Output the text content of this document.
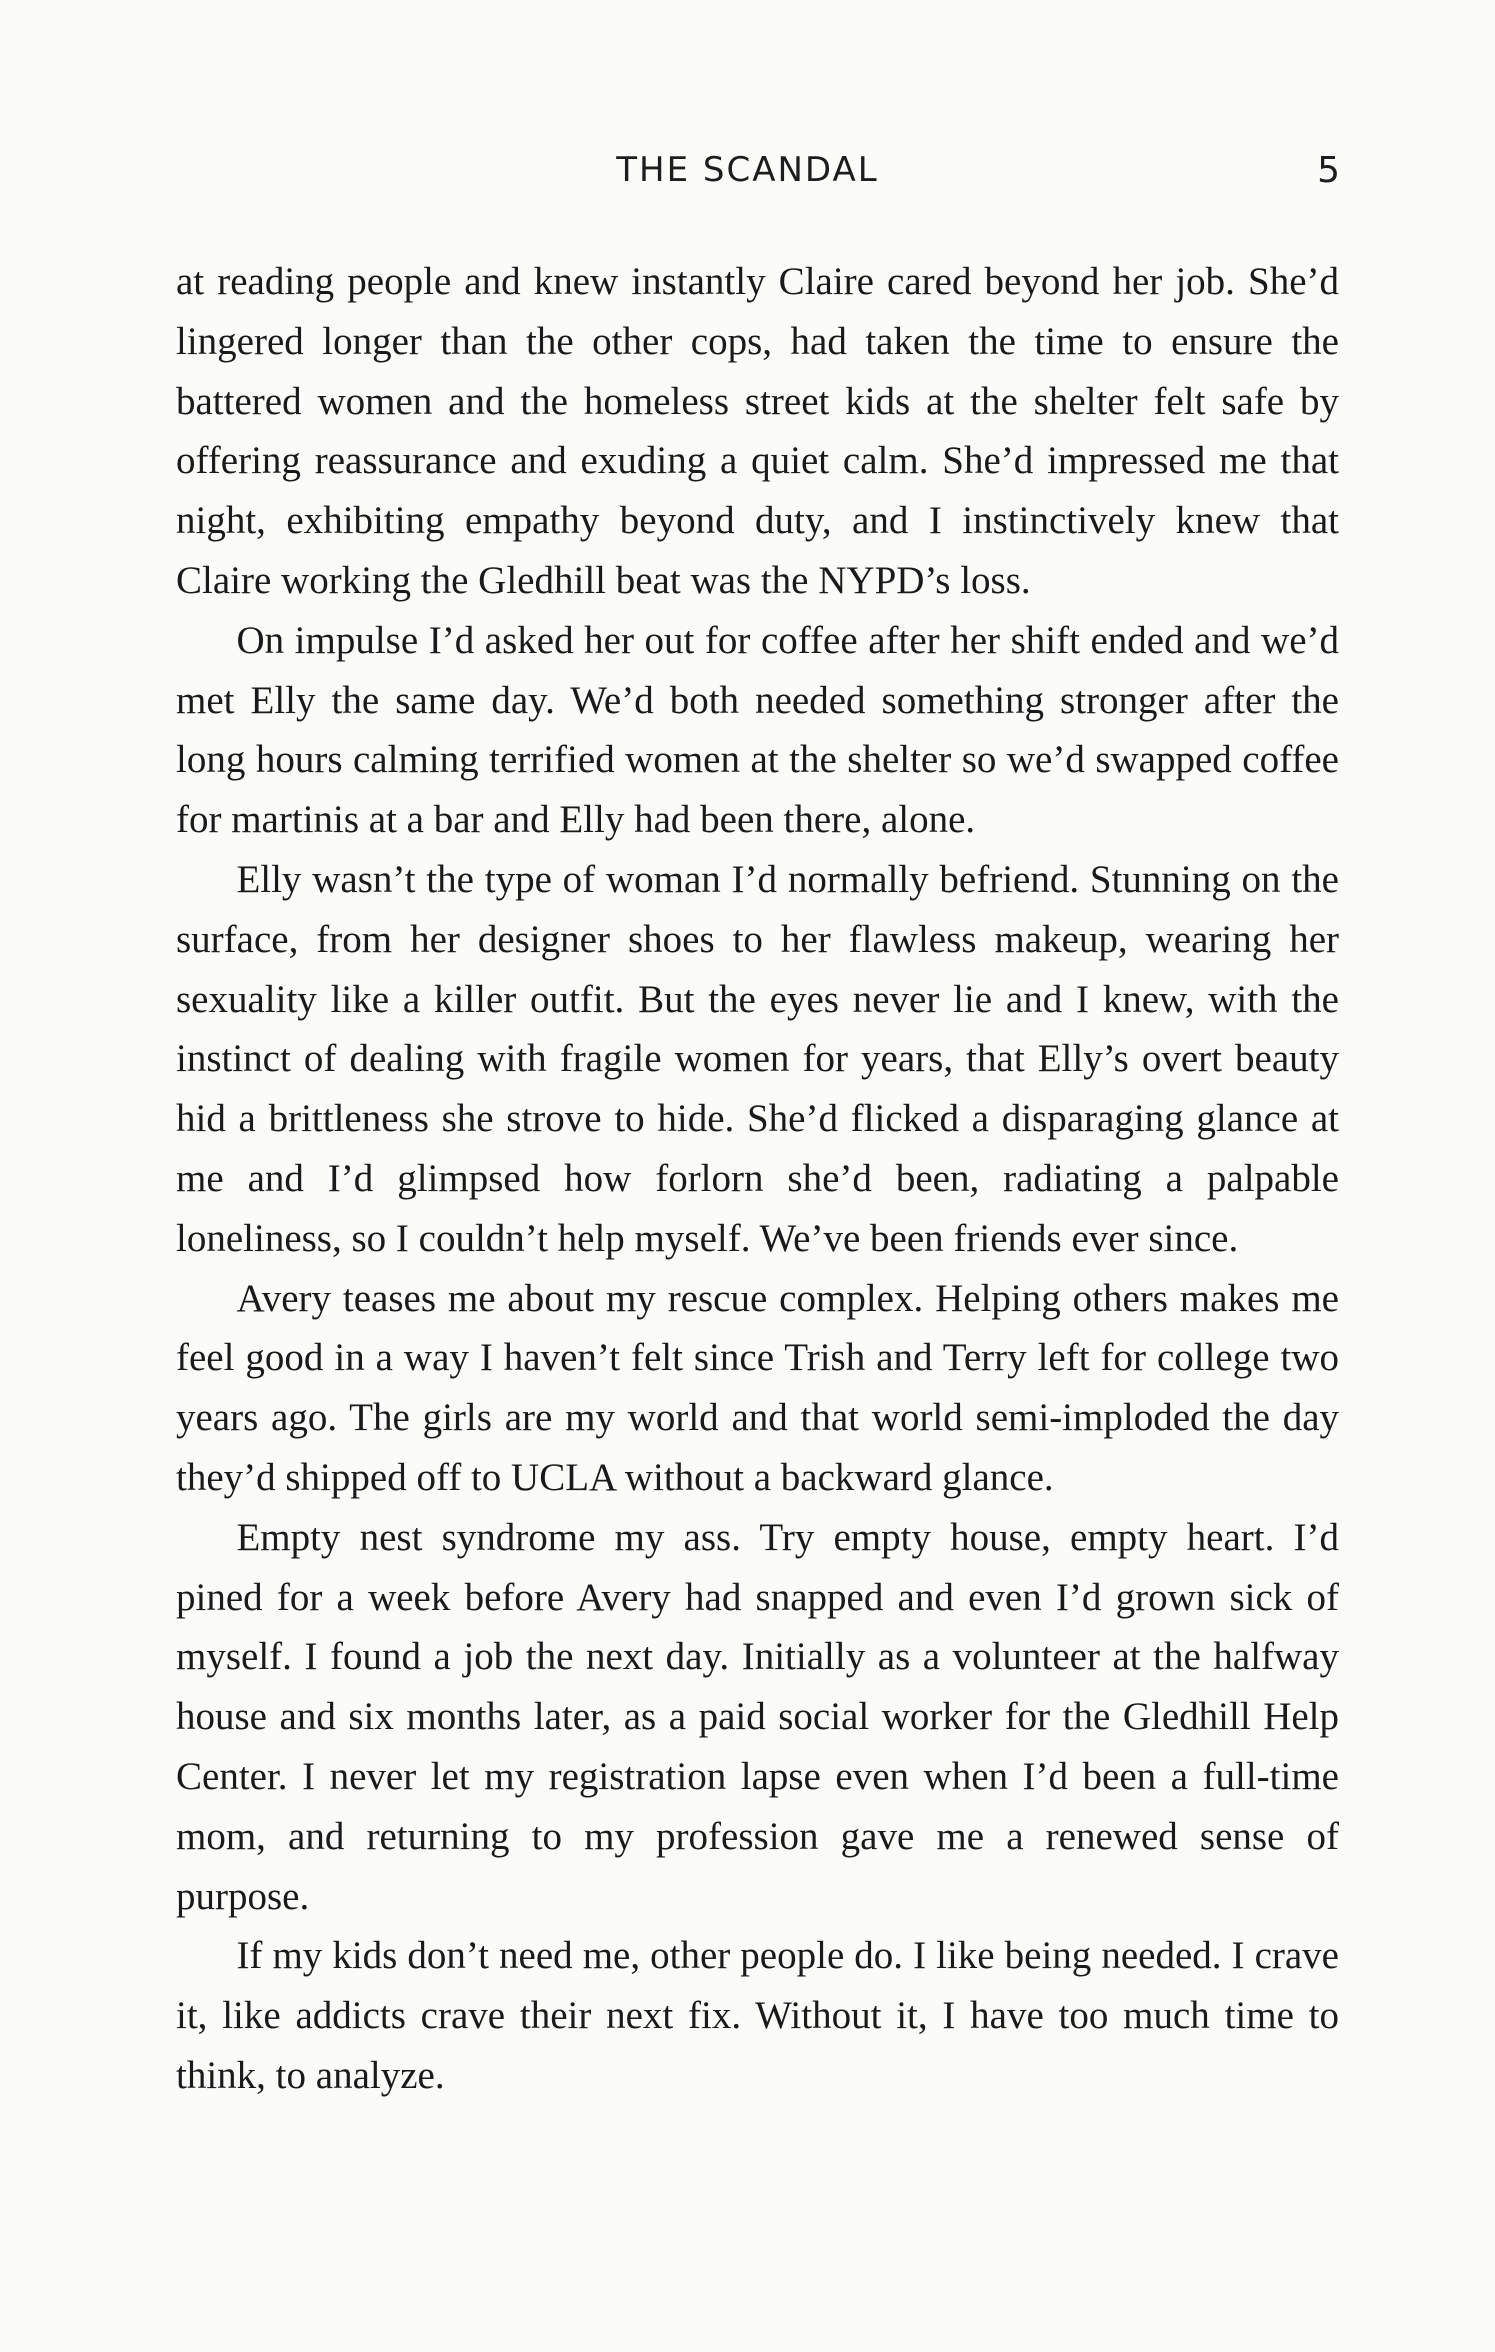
THE SCANDAL	5

at reading people and knew instantly Claire cared beyond her job. She’d lingered longer than the other cops, had taken the time to ensure the battered women and the homeless street kids at the shelter felt safe by offering reassurance and exuding a quiet calm. She’d impressed me that night, exhibiting empathy beyond duty, and I instinctively knew that Claire working the Gledhill beat was the NYPD’s loss.

On impulse I’d asked her out for coffee after her shift ended and we’d met Elly the same day. We’d both needed something stronger after the long hours calming terrified women at the shelter so we’d swapped coffee for martinis at a bar and Elly had been there, alone.

Elly wasn’t the type of woman I’d normally befriend. Stunning on the surface, from her designer shoes to her flawless makeup, wearing her sexuality like a killer outfit. But the eyes never lie and I knew, with the instinct of dealing with fragile women for years, that Elly’s overt beauty hid a brittleness she strove to hide. She’d flicked a disparaging glance at me and I’d glimpsed how forlorn she’d been, radiating a palpable loneliness, so I couldn’t help myself. We’ve been friends ever since.

Avery teases me about my rescue complex. Helping others makes me feel good in a way I haven’t felt since Trish and Terry left for college two years ago. The girls are my world and that world semi-imploded the day they’d shipped off to UCLA without a backward glance.

Empty nest syndrome my ass. Try empty house, empty heart. I’d pined for a week before Avery had snapped and even I’d grown sick of myself. I found a job the next day. Initially as a volunteer at the halfway house and six months later, as a paid social worker for the Gledhill Help Center. I never let my registration lapse even when I’d been a full-time mom, and returning to my profession gave me a renewed sense of purpose.

If my kids don’t need me, other people do. I like being needed. I crave it, like addicts crave their next fix. Without it, I have too much time to think, to analyze.
